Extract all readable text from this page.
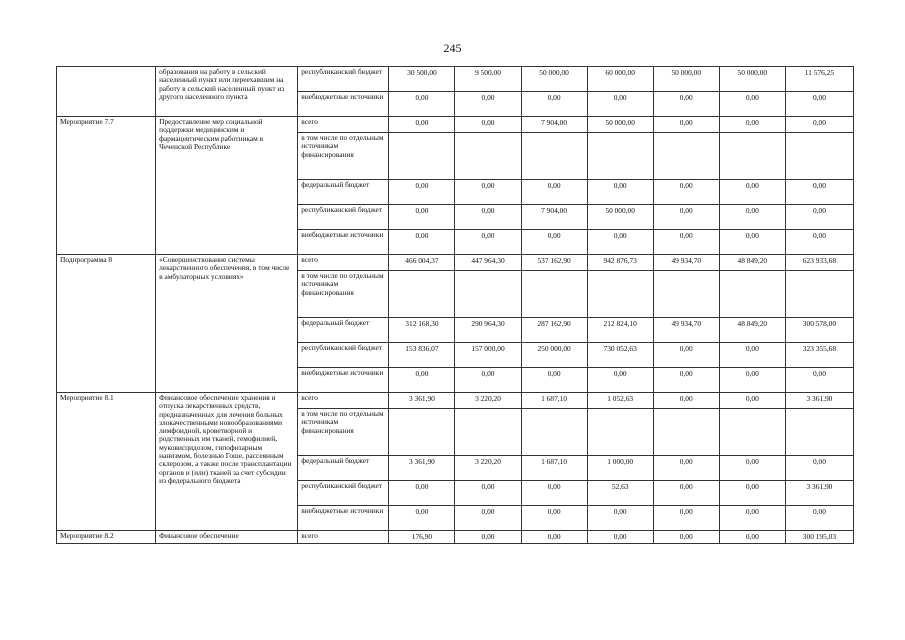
245
	образования на работу в сельский населенный пункт или переехавшим на работу в сельский населенный пункт из другого населенного пункта	республиканский бюджет	30 500,00	9 500,00	50 000,00	60 000,00	50 000,00	50 000,00	11 576,25
		внебюджетные источники	0,00	0,00	0,00	0,00	0,00	0,00	0,00
Мероприятие 7.7	Предоставление мер социальной поддержки медицинским и фармацевтическим работникам в Чеченской Республике	всего	0,00	0,00	7 904,00	50 000,00	0,00	0,00	0,00
		в том числе по отдельным источникам финансирования							
		федеральный бюджет	0,00	0,00	0,00	0,00	0,00	0,00	0,00
		республиканский бюджет	0,00	0,00	7 904,00	50 000,00	0,00	0,00	0,00
		внебюджетные источники	0,00	0,00	0,00	0,00	0,00	0,00	0,00
Подпрограмма 8	«Совершенствование системы лекарственного обеспечения, в том числе в амбулаторных условиях»	всего	466 004,37	447 964,30	537 162,90	942 876,73	49 934,70	48 849,20	623 933,68
		в том числе по отдельным источникам финансирования							
		федеральный бюджет	312 168,30	290 964,30	287 162,90	212 824,10	49 934,70	48 849,20	300 578,00
		республиканский бюджет	153 836,07	157 000,00	250 000,00	730 052,63	0,00	0,00	323 355,68
		внебюджетные источники	0,00	0,00	0,00	0,00	0,00	0,00	0,00
Мероприятие 8.1	Финансовое обеспечение хранения и отпуска лекарственных средств, предназначенных для лечения больных злокачественными новообразованиями лимфоидной, кроветворной и родственных им тканей, гемофилией, муковисцидозом, гипофизарным нанизмом, болезнью Гоше, рассеянным склерозом, а также после трансплантации органов и (или) тканей за счет субсидии из федерального бюджета	всего	3 361,90	3 220,20	1 687,10	1 052,63	0,00	0,00	3 361,90
		в том числе по отдельным источникам финансирования							
		федеральный бюджет	3 361,90	3 220,20	1 687,10	1 000,00	0,00	0,00	0,00
		республиканский бюджет	0,00	0,00	0,00	52,63	0,00	0,00	3 361,90
		внебюджетные источники	0,00	0,00	0,00	0,00	0,00	0,00	0,00
Мероприятие 8.2	Финансовое обеспечение	всего	176,90	0,00	0,00	0,00	0,00	0,00	300 195,03
